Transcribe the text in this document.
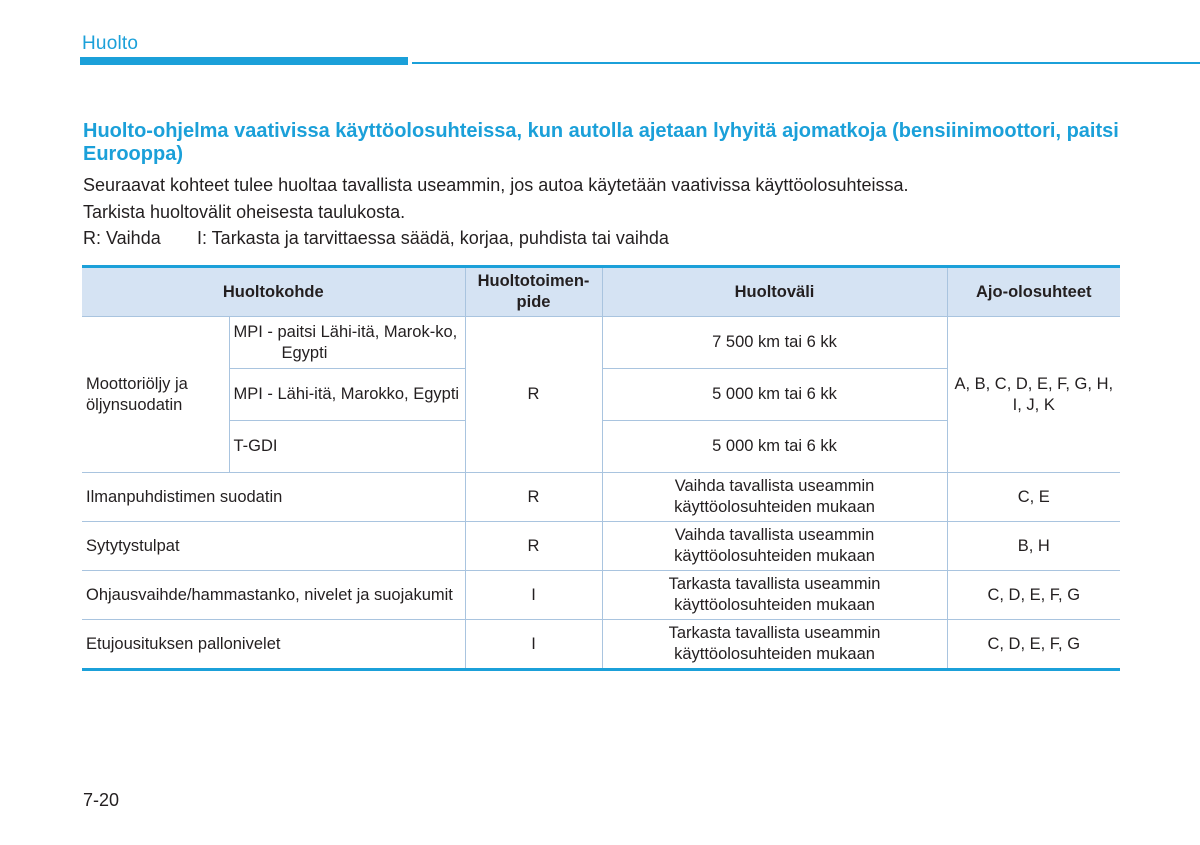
Huolto
Huolto-ohjelma vaativissa käyttöolosuhteissa, kun autolla ajetaan lyhyitä ajomatkoja (bensiinimoottori, paitsi Eurooppa)
Seuraavat kohteet tulee huoltaa tavallista useammin, jos autoa käytetään vaativissa käyttöolosuhteissa.
Tarkista huoltovälit oheisesta taulukosta.
R: Vaihda I: Tarkasta ja tarvittaessa säädä, korjaa, puhdista tai vaihda
Huoltokohde		Huoltotoimen-pide	Huoltoväli	Ajo-olosuhteet
Moottoriöljy ja öljynsuodatin	MPI - paitsi Lähi-itä, Marok-ko, Egypti	R	7 500 km tai 6 kk	A, B, C, D, E, F, G, H, I, J, K
	MPI - Lähi-itä, Marokko, Egypti		5 000 km tai 6 kk	
	T-GDI		5 000 km tai 6 kk	
Ilmanpuhdistimen suodatin		R	Vaihda tavallista useammin käyttöolosuhteiden mukaan	C, E
Sytytystulpat		R	Vaihda tavallista useammin käyttöolosuhteiden mukaan	B, H
Ohjausvaihde/hammastanko, nivelet ja suojakumit		I	Tarkasta tavallista useammin käyttöolosuhteiden mukaan	C, D, E, F, G
Etujousituksen pallonivelet		I	Tarkasta tavallista useammin käyttöolosuhteiden mukaan	C, D, E, F, G
7-20
